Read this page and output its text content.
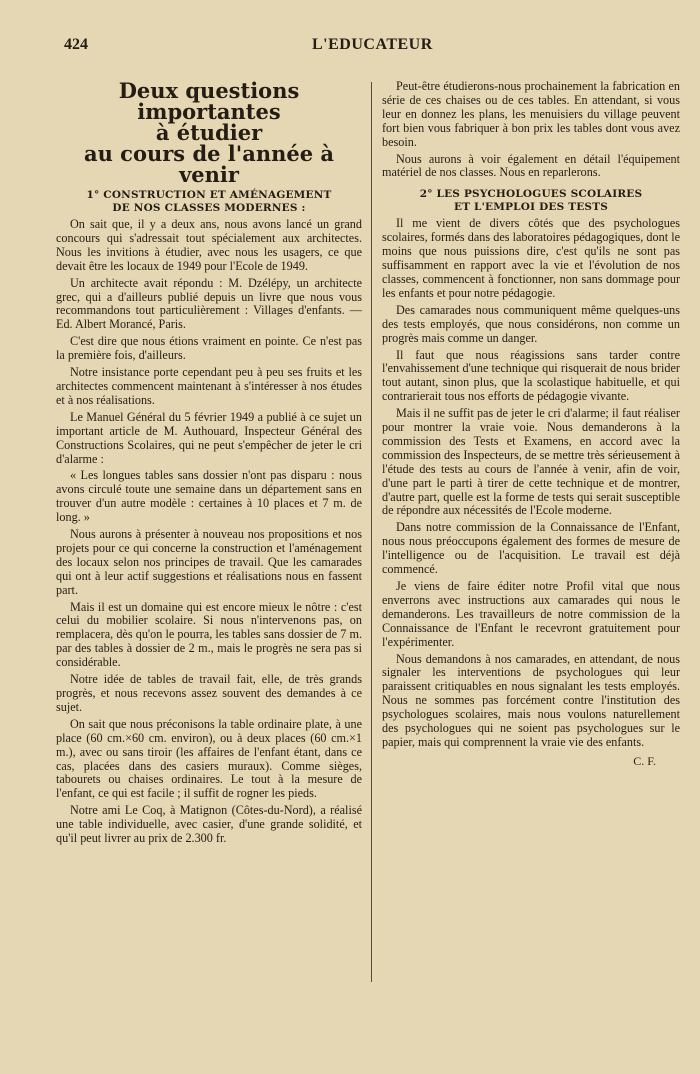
424	L'EDUCATEUR
Deux questions importantes
à étudier
au cours de l'année à venir
1° CONSTRUCTION ET AMÉNAGEMENT
DE NOS CLASSES MODERNES :

On sait que, il y a deux ans, nous avons lancé un grand concours qui s'adressait tout spécialement aux architectes. Nous les invitions à étudier, avec nous les usagers, ce que devait être les locaux de 1949 pour l'Ecole de 1949.

Un architecte avait répondu : M. Dzélépy, un architecte grec, qui a d'ailleurs publié depuis un livre que nous vous recommandons tout particulièrement : Villages d'enfants. — Ed. Albert Morancé, Paris.

C'est dire que nous étions vraiment en pointe. Ce n'est pas la première fois, d'ailleurs.

Notre insistance porte cependant peu à peu ses fruits et les architectes commencent maintenant à s'intéresser à nos études et à nos réalisations.

Le Manuel Général du 5 février 1949 a publié à ce sujet un important article de M. Authouard, Inspecteur Général des Constructions Scolaires, qui ne peut s'empêcher de jeter le cri d'alarme :

« Les longues tables sans dossier n'ont pas disparu : nous avons circulé toute une semaine dans un département sans en trouver d'un autre modèle : certaines à 10 places et 7 m. de long. »

Nous aurons à présenter à nouveau nos propositions et nos projets pour ce qui concerne la construction et l'aménagement des locaux selon nos principes de travail. Que les camarades qui ont à leur actif suggestions et réalisations nous en fassent part.

Mais il est un domaine qui est encore mieux le nôtre : c'est celui du mobilier scolaire. Si nous n'intervenons pas, on remplacera, dès qu'on le pourra, les tables sans dossier de 7 m. par des tables à dossier de 2 m., mais le progrès ne sera pas si considérable.

Notre idée de tables de travail fait, elle, de très grands progrès, et nous recevons assez souvent des demandes à ce sujet.

On sait que nous préconisons la table ordinaire plate, à une place (60 cm.×60 cm. environ), ou à deux places (60 cm.×1 m.), avec ou sans tiroir (les affaires de l'enfant étant, dans ce cas, placées dans des casiers muraux). Comme sièges, tabourets ou chaises ordinaires. Le tout à la mesure de l'enfant, ce qui est facile ; il suffit de rogner les pieds.

Notre ami Le Coq, à Matignon (Côtes-du-Nord), a réalisé une table individuelle, avec casier, d'une grande solidité, et qu'il peut livrer au prix de 2.300 fr.

Peut-être étudierons-nous prochainement la fabrication en série de ces chaises ou de ces tables. En attendant, si vous leur en donnez les plans, les menuisiers du village peuvent fort bien vous fabriquer à bon prix les tables dont vous avez besoin.

Nous aurons à voir également en détail l'équipement matériel de nos classes. Nous en reparlerons.

2° LES PSYCHOLOGUES SCOLAIRES
ET L'EMPLOI DES TESTS

Il me vient de divers côtés que des psychologues scolaires, formés dans des laboratoires pédagogiques, dont le moins que nous puissions dire, c'est qu'ils ne sont pas suffisamment en rapport avec la vie et l'évolution de nos classes, commencent à fonctionner, non sans dommage pour les enfants et pour notre pédagogie.

Des camarades nous communiquent même quelques-uns des tests employés, que nous considérons, non comme un progrès mais comme un danger.

Il faut que nous réagissions sans tarder contre l'envahissement d'une technique qui risquerait de nous brider tout autant, sinon plus, que la scolastique habituelle, et qui contrarierait tous nos efforts de pédagogie vivante.

Mais il ne suffit pas de jeter le cri d'alarme; il faut réaliser pour montrer la vraie voie. Nous demanderons à la commission des Tests et Examens, en accord avec la commission des Inspecteurs, de se mettre très sérieusement à l'étude des tests au cours de l'année à venir, afin de voir, d'une part le parti à tirer de cette technique et de montrer, d'autre part, quelle est la forme de tests qui serait susceptible de répondre aux nécessités de l'Ecole moderne.

Dans notre commission de la Connaissance de l'Enfant, nous nous préoccupons également des formes de mesure de l'intelligence ou de l'acquisition. Le travail est déjà commencé.

Je viens de faire éditer notre Profil vital que nous enverrons avec instructions aux camarades qui nous le demanderons. Les travailleurs de notre commission de la Connaissance de l'Enfant le recevront gratuitement pour l'expérimenter.

Nous demandons à nos camarades, en attendant, de nous signaler les interventions de psychologues qui leur paraissent critiquables en nous signalant les tests employés. Nous ne sommes pas forcément contre l'institution des psychologues scolaires, mais nous voulons naturellement des psychologues qui ne soient pas psychologues sur le papier, mais qui comprennent la vraie vie des enfants.

C. F.
